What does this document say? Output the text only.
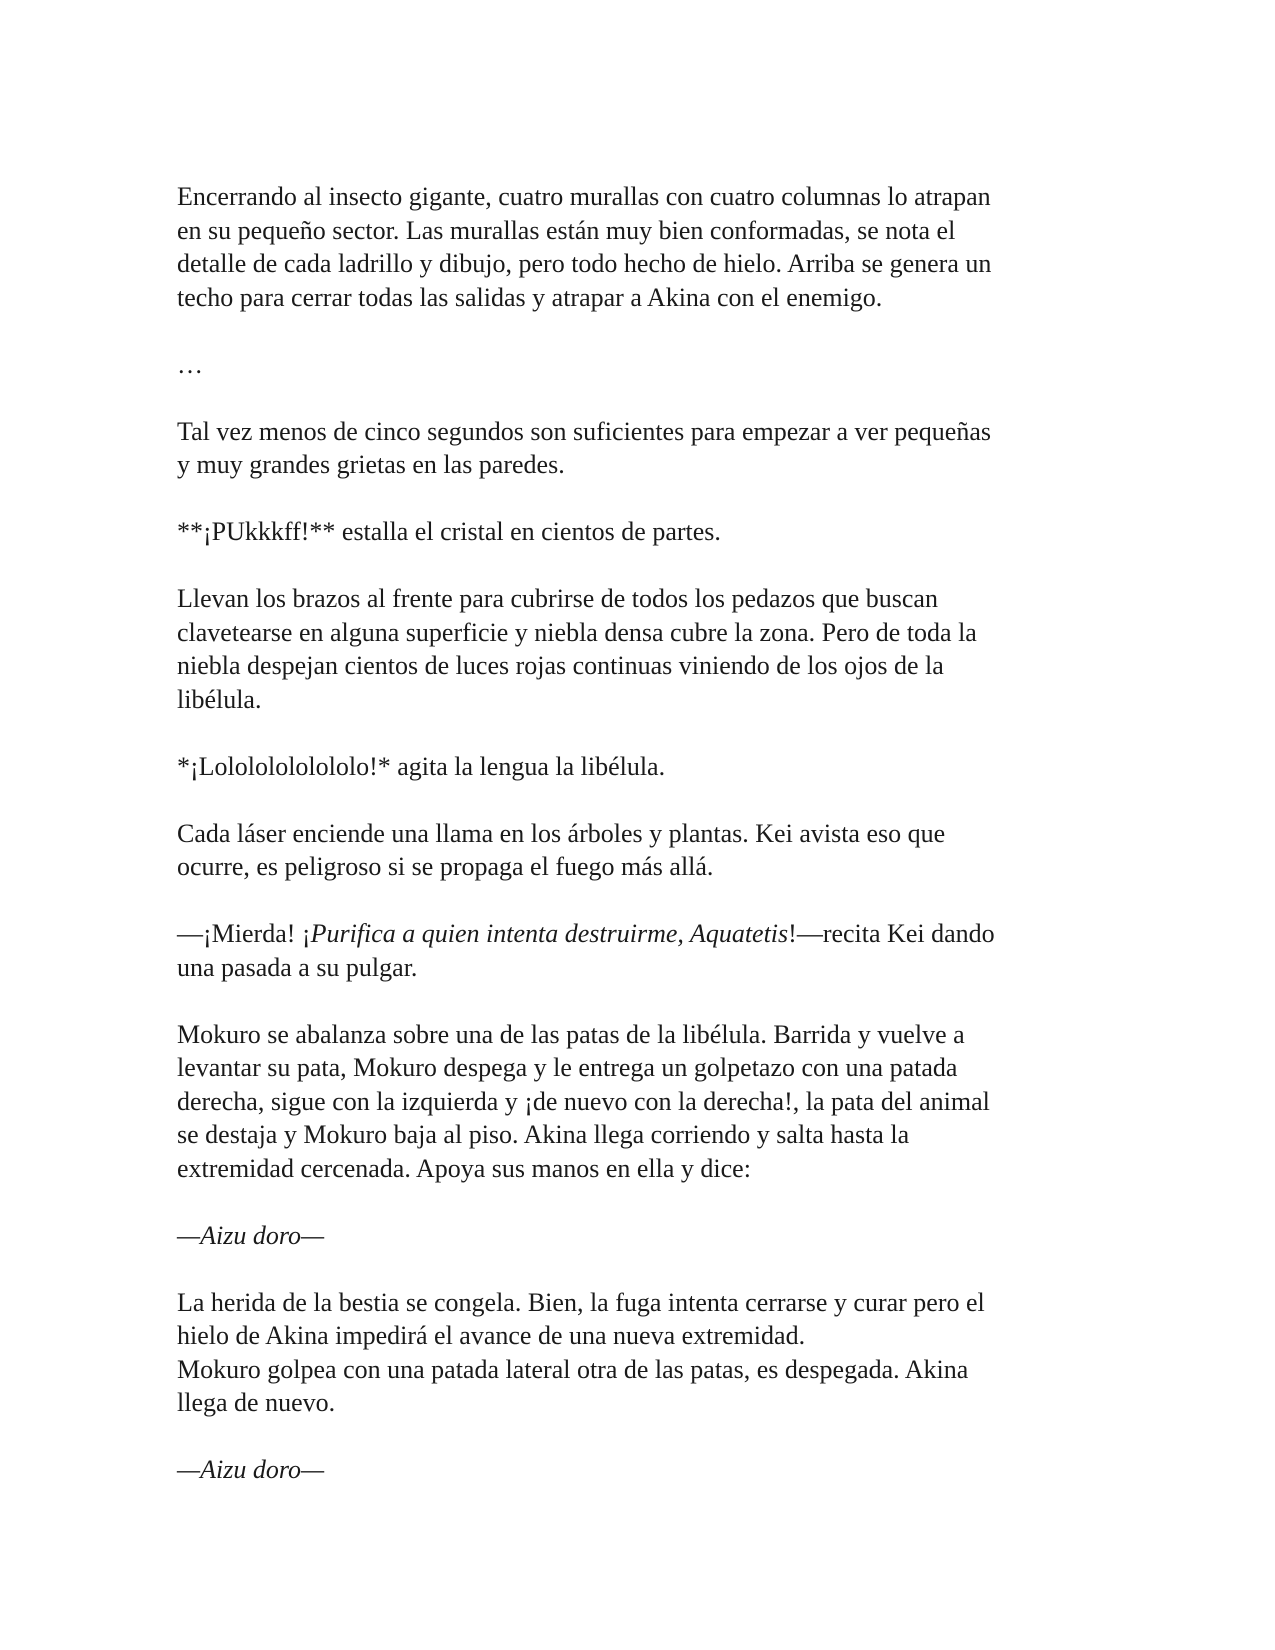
Encerrando al insecto gigante, cuatro murallas con cuatro columnas lo atrapan
en su pequeño sector. Las murallas están muy bien conformadas, se nota el
detalle de cada ladrillo y dibujo, pero todo hecho de hielo. Arriba se genera un
techo para cerrar todas las salidas y atrapar a Akina con el enemigo.

…

Tal vez menos de cinco segundos son suficientes para empezar a ver pequeñas
y muy grandes grietas en las paredes.

**¡PUkkkff!** estalla el cristal en cientos de partes.

Llevan los brazos al frente para cubrirse de todos los pedazos que buscan
clavetearse en alguna superficie y niebla densa cubre la zona. Pero de toda la
niebla despejan cientos de luces rojas continuas viniendo de los ojos de la
libélula.

*¡Lolololololololo!* agita la lengua la libélula.

Cada láser enciende una llama en los árboles y plantas. Kei avista eso que
ocurre, es peligroso si se propaga el fuego más allá.

—¡Mierda! ¡Purifica a quien intenta destruirme, Aquatetis!—recita Kei dando
una pasada a su pulgar.

Mokuro se abalanza sobre una de las patas de la libélula. Barrida y vuelve a
levantar su pata, Mokuro despega y le entrega un golpetazo con una patada
derecha, sigue con la izquierda y ¡de nuevo con la derecha!, la pata del animal
se destaja y Mokuro baja al piso. Akina llega corriendo y salta hasta la
extremidad cercenada. Apoya sus manos en ella y dice:

—Aizu doro—

La herida de la bestia se congela. Bien, la fuga intenta cerrarse y curar pero el
hielo de Akina impedirá el avance de una nueva extremidad.

Mokuro golpea con una patada lateral otra de las patas, es despegada. Akina
llega de nuevo.

—Aizu doro—
